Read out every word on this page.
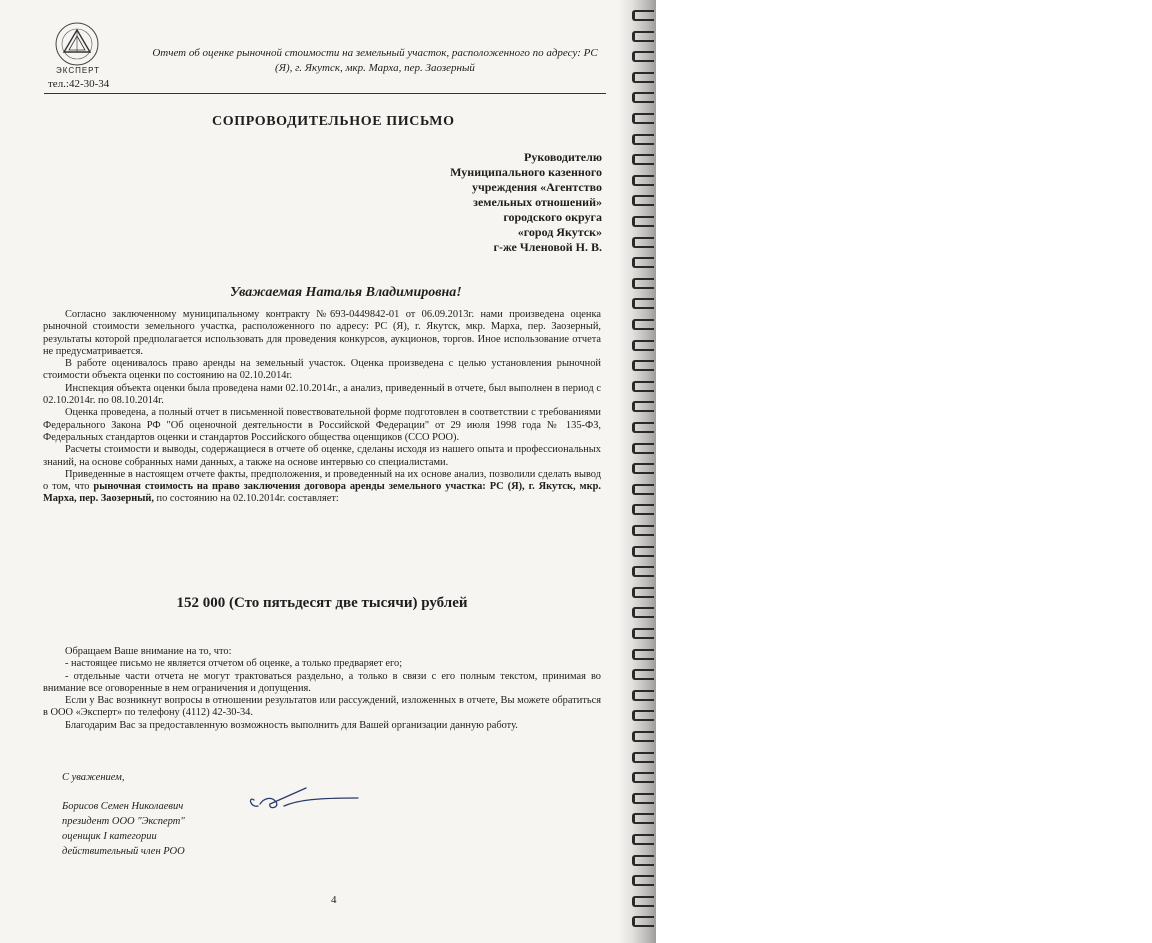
ЭКСПЕРТ
тел.:42-30-34
Отчет об оценке рыночной стоимости на земельный участок, расположенного по адресу: РС (Я), г. Якутск, мкр. Марха, пер. Заозерный
СОПРОВОДИТЕЛЬНОЕ ПИСЬМО
Руководителю
Муниципального казенного
учреждения «Агентство
земельных отношений»
городского округа
«город Якутск»
г-же Членовой Н. В.
Уважаемая Наталья Владимировна!

Согласно заключенному муниципальному контракту №693-0449842-01 от 06.09.2013г. нами произведена оценка рыночной стоимости земельного участка, расположенного по адресу: РС (Я), г. Якутск, мкр. Марха, пер. Заозерный, результаты которой предполагается использовать для проведения конкурсов, аукционов, торгов. Иное использование отчета не предусматривается.

В работе оценивалось право аренды на земельный участок. Оценка произведена с целью установления рыночной стоимости объекта оценки по состоянию на 02.10.2014г.

Инспекция объекта оценки была проведена нами 02.10.2014г., а анализ, приведенный в отчете, был выполнен в период с 02.10.2014г. по 08.10.2014г.

Оценка проведена, а полный отчет в письменной повествовательной форме подготовлен в соответствии с требованиями Федерального Закона РФ "Об оценочной деятельности в Российской Федерации" от 29 июля 1998 года № 135-ФЗ, Федеральных стандартов оценки и стандартов Российского общества оценщиков (ССО РОО).

Расчеты стоимости и выводы, содержащиеся в отчете об оценке, сделаны исходя из нашего опыта и профессиональных знаний, на основе собранных нами данных, а также на основе интервью со специалистами.

Приведенные в настоящем отчете факты, предположения, и проведенный на их основе анализ, позволили сделать вывод о том, что рыночная стоимость на право заключения договора аренды земельного участка: РС (Я), г. Якутск, мкр. Марха, пер. Заозерный, по состоянию на 02.10.2014г. составляет:

152 000 (Сто пятьдесят две тысячи) рублей

Обращаем Ваше внимание на то, что:

- настоящее письмо не является отчетом об оценке, а только предваряет его;

- отдельные части отчета не могут трактоваться раздельно, а только в связи с его полным текстом, принимая во внимание все оговоренные в нем ограничения и допущения.

Если у Вас возникнут вопросы в отношении результатов или рассуждений, изложенных в отчете, Вы можете обратиться в ООО «Эксперт» по телефону (4112) 42-30-34.

Благодарим Вас за предоставленную возможность выполнить для Вашей организации данную работу.

С уважением,
Борисов Семен Николаевич
президент ООО "Эксперт"
оценщик I категории
действительный член РОО
4
